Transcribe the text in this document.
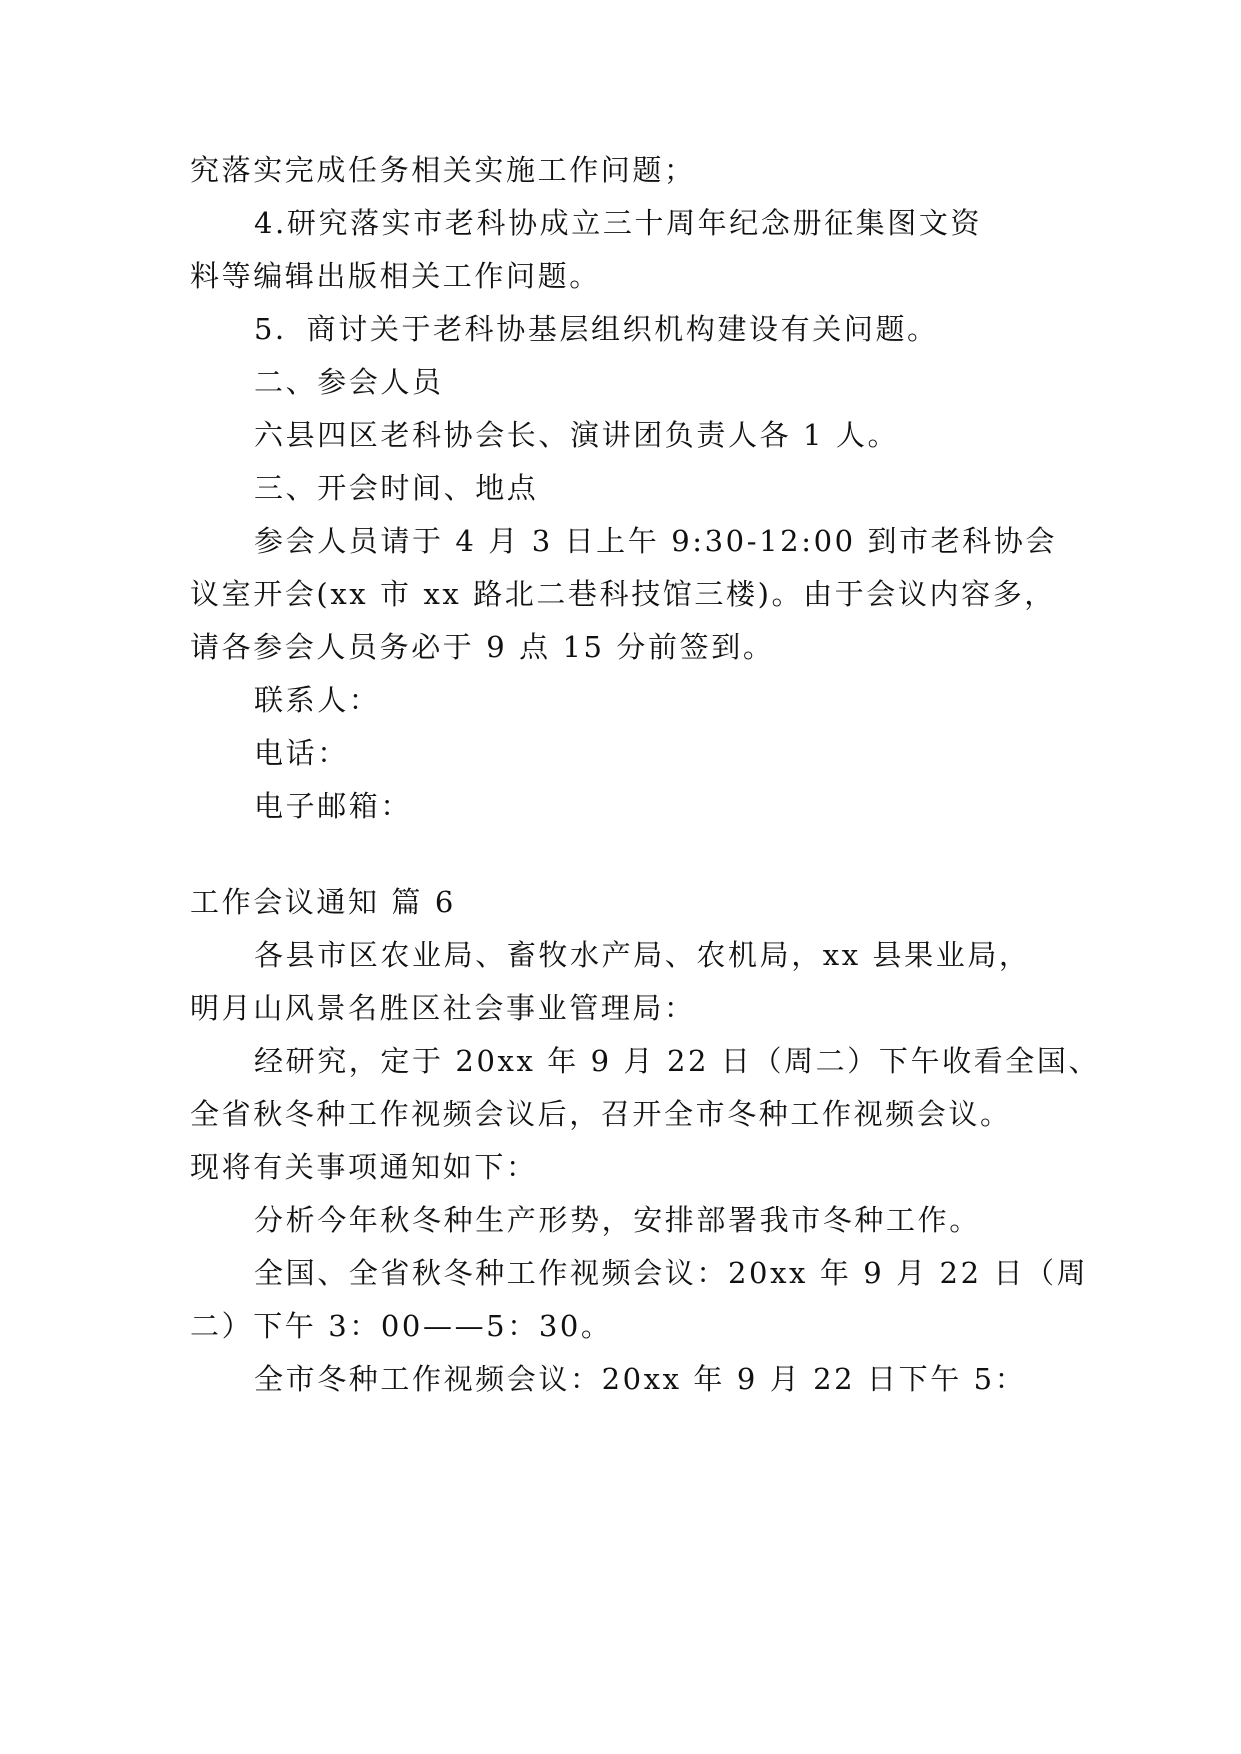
究落实完成任务相关实施工作问题；
4.研究落实市老科协成立三十周年纪念册征集图文资
料等编辑出版相关工作问题。
5．商讨关于老科协基层组织机构建设有关问题。
二、参会人员
六县四区老科协会长、演讲团负责人各 1 人。
三、开会时间、地点
参会人员请于 4 月 3 日上午 9:30-12:00 到市老科协会
议室开会(xx 市 xx 路北二巷科技馆三楼)。由于会议内容多，
请各参会人员务必于 9 点 15 分前签到。
联系人：
电话：
电子邮箱：
工作会议通知 篇 6
各县市区农业局、畜牧水产局、农机局，xx 县果业局，
明月山风景名胜区社会事业管理局：
经研究，定于 20xx 年 9 月 22 日（周二）下午收看全国、
全省秋冬种工作视频会议后，召开全市冬种工作视频会议。
现将有关事项通知如下：
分析今年秋冬种生产形势，安排部署我市冬种工作。
全国、全省秋冬种工作视频会议：20xx 年 9 月 22 日（周
二）下午 3：00——5：30。
全市冬种工作视频会议：20xx 年 9 月 22 日下午 5：
